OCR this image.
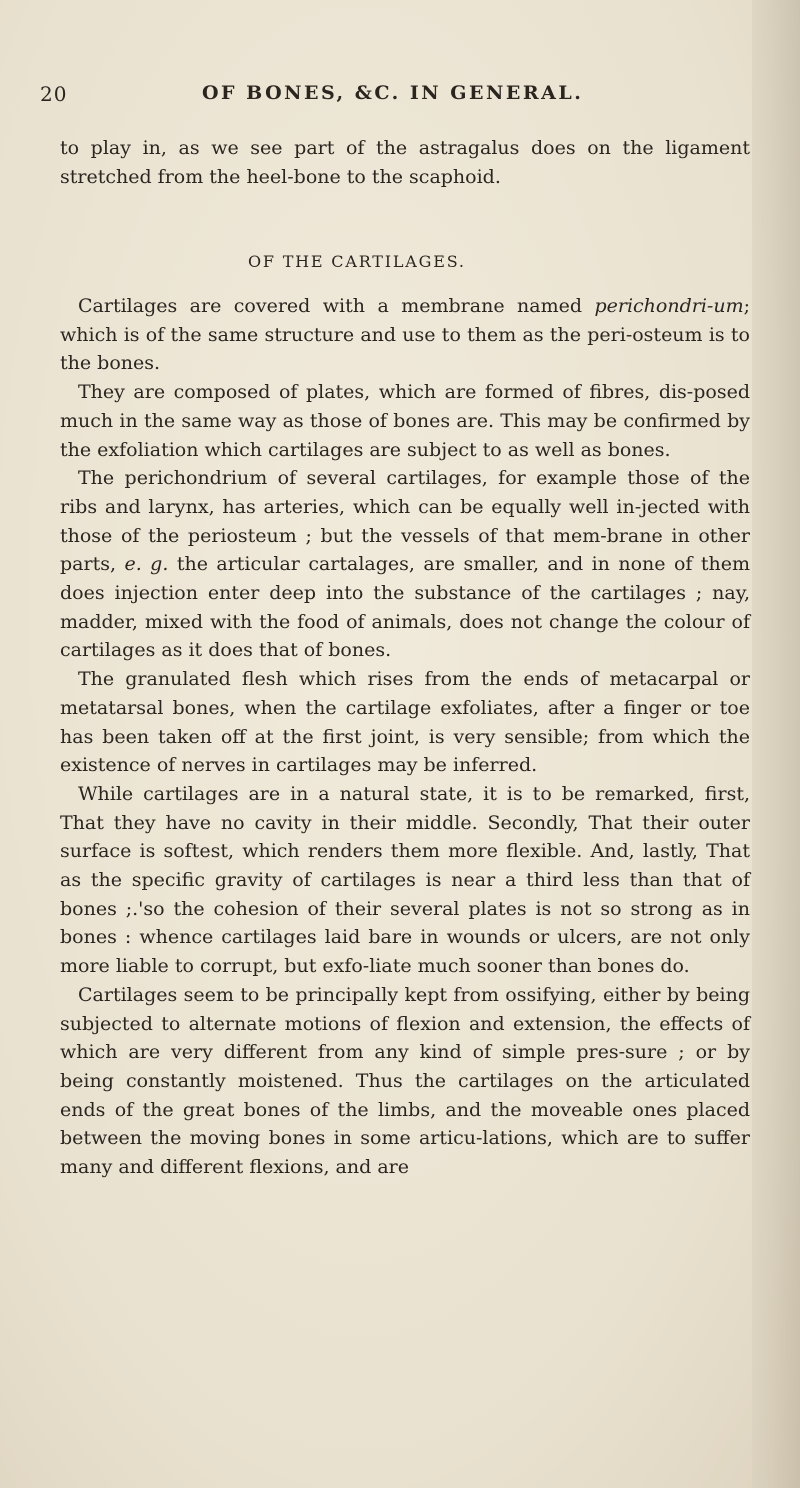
20	OF BONES, &C. IN GENERAL.

to play in, as we see part of the astragalus does on the ligament stretched from the heel-bone to the scaphoid.

OF THE CARTILAGES.

Cartilages are covered with a membrane named perichondri-um; which is of the same structure and use to them as the peri-osteum is to the bones.

They are composed of plates, which are formed of fibres, dis-posed much in the same way as those of bones are. This may be confirmed by the exfoliation which cartilages are subject to as well as bones.

The perichondrium of several cartilages, for example those of the ribs and larynx, has arteries, which can be equally well in-jected with those of the periosteum ; but the vessels of that mem-brane in other parts, e. g. the articular cartalages, are smaller, and in none of them does injection enter deep into the substance of the cartilages ; nay, madder, mixed with the food of animals, does not change the colour of cartilages as it does that of bones.

The granulated flesh which rises from the ends of metacarpal or metatarsal bones, when the cartilage exfoliates, after a finger or toe has been taken off at the first joint, is very sensible; from which the existence of nerves in cartilages may be inferred.

While cartilages are in a natural state, it is to be remarked, first, That they have no cavity in their middle. Secondly, That their outer surface is softest, which renders them more flexible. And, lastly, That as the specific gravity of cartilages is near a third less than that of bones ;.'so the cohesion of their several plates is not so strong as in bones : whence cartilages laid bare in wounds or ulcers, are not only more liable to corrupt, but exfo-liate much sooner than bones do.

Cartilages seem to be principally kept from ossifying, either by being subjected to alternate motions of flexion and extension, the effects of which are very different from any kind of simple pres-sure ; or by being constantly moistened. Thus the cartilages on the articulated ends of the great bones of the limbs, and the moveable ones placed between the moving bones in some articu-lations, which are to suffer many and different flexions, and are
